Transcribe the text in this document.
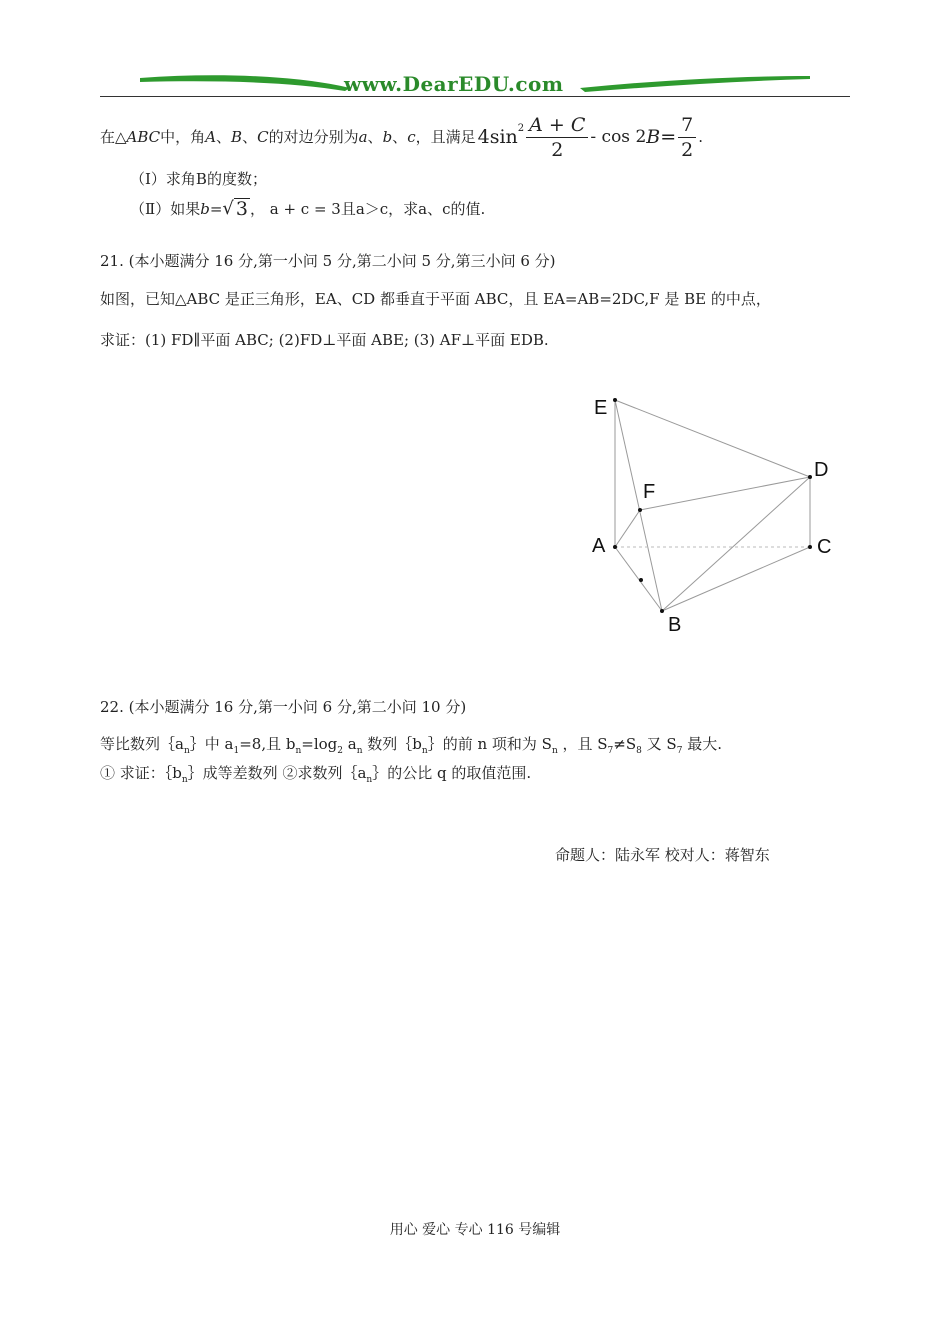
www.DearEDU.com
在△ ABC 中，角 A 、 B 、 C 的对边分别为 a 、 b 、 c ，且满足 $4\sin^2 \frac{A + C}{2}$ - cos 2 $B = \frac{7}{2}$ .
（Ⅰ）求角B的度数；
（Ⅱ）如果 b = √ 3 ， a + c = 3且a＞c，求a、c的值.
21. (本小题满分 16 分,第一小问 5 分,第二小问 5 分,第三小问 6 分)
如图，已知△ABC 是正三角形，EA、CD 都垂直于平面 ABC，且 EA=AB=2DC,F 是 BE 的中点，
求证：(1) FD∥平面 ABC; (2)FD⊥平面 ABE; (3) AF⊥平面 EDB.
E
D
F
A	C
B
22. (本小题满分 16 分,第一小问 6 分,第二小问 10 分)
等比数列$\{a_n\}$中 $a_1=8$,且 $b_n=\log_2$ $a_n$ 数列$\{b_n\}$的前 n 项和为 $S_n$ ，且 $S_7\ne S_8$ 又 $S_7$ 最大.
① 求证：$\{b_n\}$成等差数列 ②求数列$\{a_n\}$的公比 q 的取值范围.
命题人：陆永军 校对人：蒋智东
用心 爱心 专心 116 号编辑
